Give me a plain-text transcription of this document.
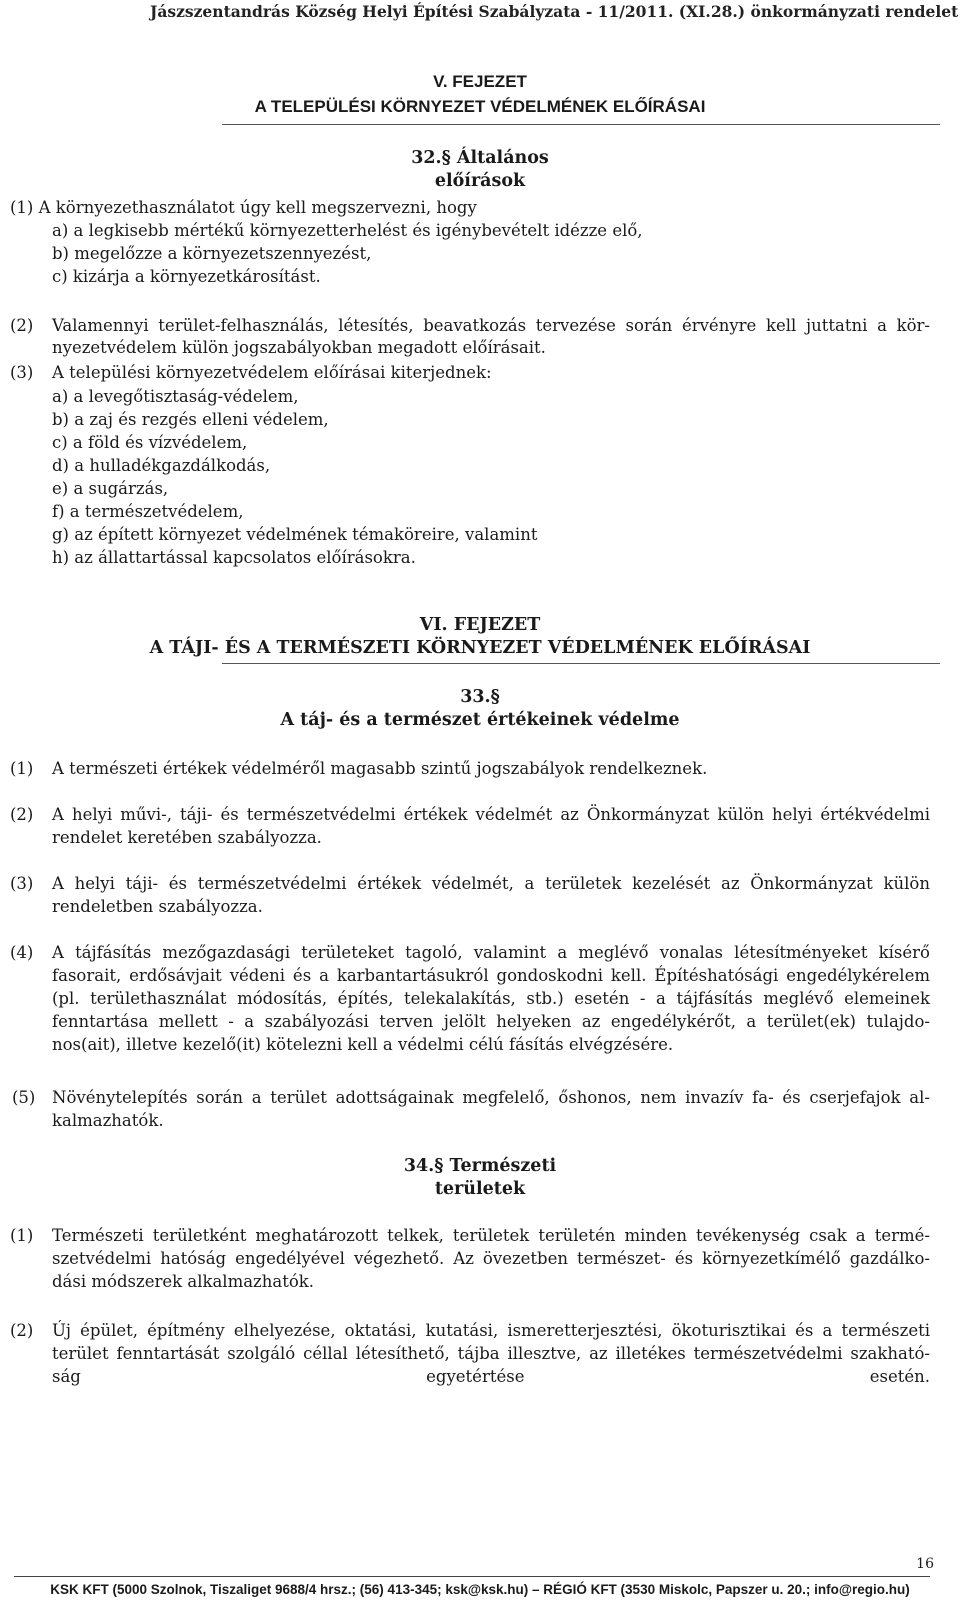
Jászszentandrás Község Helyi Építési Szabályzata - 11/2011. (XI.28.) önkormányzati rendelet
V. FEJEZET
A TELEPÜLÉSI KÖRNYEZET VÉDELMÉNEK ELŐÍRÁSAI
32.§ Általános
előírások
(1) A környezethasználatot úgy kell megszervezni, hogy
a) a legkisebb mértékű környezetterhelést és igénybevételt idézze elő,
b) megelőzze a környezetszennyezést,
c) kizárja a környezetkárosítást.
(2) Valamennyi terület-felhasználás, létesítés, beavatkozás tervezése során érvényre kell juttatni a kör-
nyezetvédelem külön jogszabályokban megadott előírásait.
(3) A települési környezetvédelem előírásai kiterjednek:
a) a levegőtisztaság-védelem,
b) a zaj és rezgés elleni védelem,
c) a föld és vízvédelem,
d) a hulladékgazdálkodás,
e) a sugárzás,
f) a természetvédelem,
g) az épített környezet védelmének témaköreire, valamint
h) az állattartással kapcsolatos előírásokra.
VI. FEJEZET
A TÁJI- ÉS A TERMÉSZETI KÖRNYEZET VÉDELMÉNEK ELŐÍRÁSAI
33.§
A táj- és a természet értékeinek védelme
(1) A természeti értékek védelméről magasabb szintű jogszabályok rendelkeznek.
(2) A helyi művi-, táji- és természetvédelmi értékek védelmét az Önkormányzat külön helyi értékvédelmi
rendelet keretében szabályozza.
(3) A helyi táji- és természetvédelmi értékek védelmét, a területek kezelését az Önkormányzat külön
rendeletben szabályozza.
(4) A tájfásítás mezőgazdasági területeket tagoló, valamint a meglévő vonalas létesítményeket kísérő
fasorait, erdősávjait védeni és a karbantartásukról gondoskodni kell. Építéshatósági engedélykérelem
(pl. területhasználat módosítás, építés, telekalakítás, stb.) esetén - a tájfásítás meglévő elemeinek
fenntartása mellett - a szabályozási terven jelölt helyeken az engedélykérőt, a terület(ek) tulajdo-
nos(ait), illetve kezelő(it) kötelezni kell a védelmi célú fásítás elvégzésére.
(5) Növénytelepítés során a terület adottságainak megfelelő, őshonos, nem invazív fa- és cserjefajok al-
kalmazhatók.
34.§ Természeti
területek
(1) Természeti területként meghatározott telkek, területek területén minden tevékenység csak a termé-
szetvédelmi hatóság engedélyével végezhető. Az övezetben természet- és környezetkímélő gazdálko-
dási módszerek alkalmazhatók.
(2) Új épület, építmény elhelyezése, oktatási, kutatási, ismeretterjesztési, ökoturisztikai és a természeti
terület fenntartását szolgáló céllal létesíthető, tájba illesztve, az illetékes természetvédelmi szakható-
ság egyetértése esetén.
16
KSK KFT (5000 Szolnok, Tiszaliget 9688/4 hrsz.; (56) 413-345; ksk@ksk.hu) – RÉGIÓ KFT (3530 Miskolc, Papszer u. 20.; info@regio.hu)
